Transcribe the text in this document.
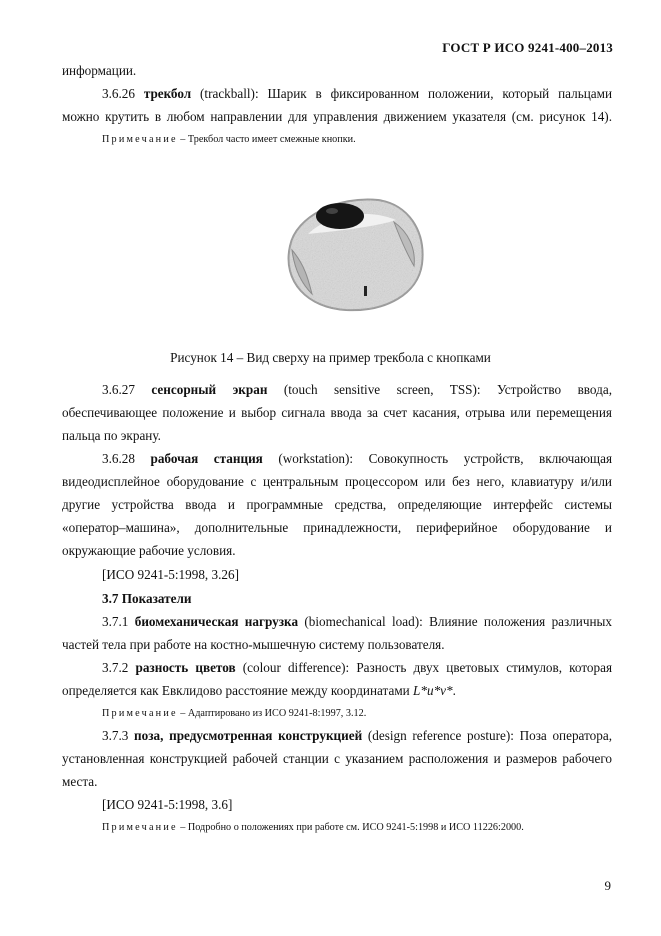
ГОСТ Р ИСО 9241-400–2013
информации.
3.6.26 трекбол (trackball): Шарик в фиксированном положении, который пальцами
можно крутить в любом направлении для управления движением указателя (см. рисунок 14).
Примечание – Трекбол часто имеет смежные кнопки.
Рисунок 14 – Вид сверху на пример трекбола с кнопками
3.6.27 сенсорный экран (touch sensitive screen, TSS): Устройство ввода,
обеспечивающее положение и выбор сигнала ввода за счет касания, отрыва или перемещения
пальца по экрану.
3.6.28 рабочая станция (workstation): Совокупность устройств, включающая
видеодисплейное оборудование с центральным процессором или без него, клавиатуру и/или
другие устройства ввода и программные средства, определяющие интерфейс системы
«оператор–машина», дополнительные принадлежности, периферийное оборудование и
окружающие рабочие условия.
[ИСО 9241-5:1998, 3.26]
3.7 Показатели
3.7.1 биомеханическая нагрузка (biomechanical load): Влияние положения различных
частей тела при работе на костно-мышечную систему пользователя.
3.7.2 разность цветов (colour difference): Разность двух цветовых стимулов, которая
определяется как Евклидово расстояние между координатами L*u*v*.
Примечание – Адаптировано из ИСО 9241-8:1997, 3.12.
3.7.3 поза, предусмотренная конструкцией (design reference posture): Поза оператора,
установленная конструкцией рабочей станции с указанием расположения и размеров рабочего
места.
[ИСО 9241-5:1998, 3.6]
Примечание – Подробно о положениях при работе см. ИСО 9241-5:1998 и ИСО 11226:2000.
9
